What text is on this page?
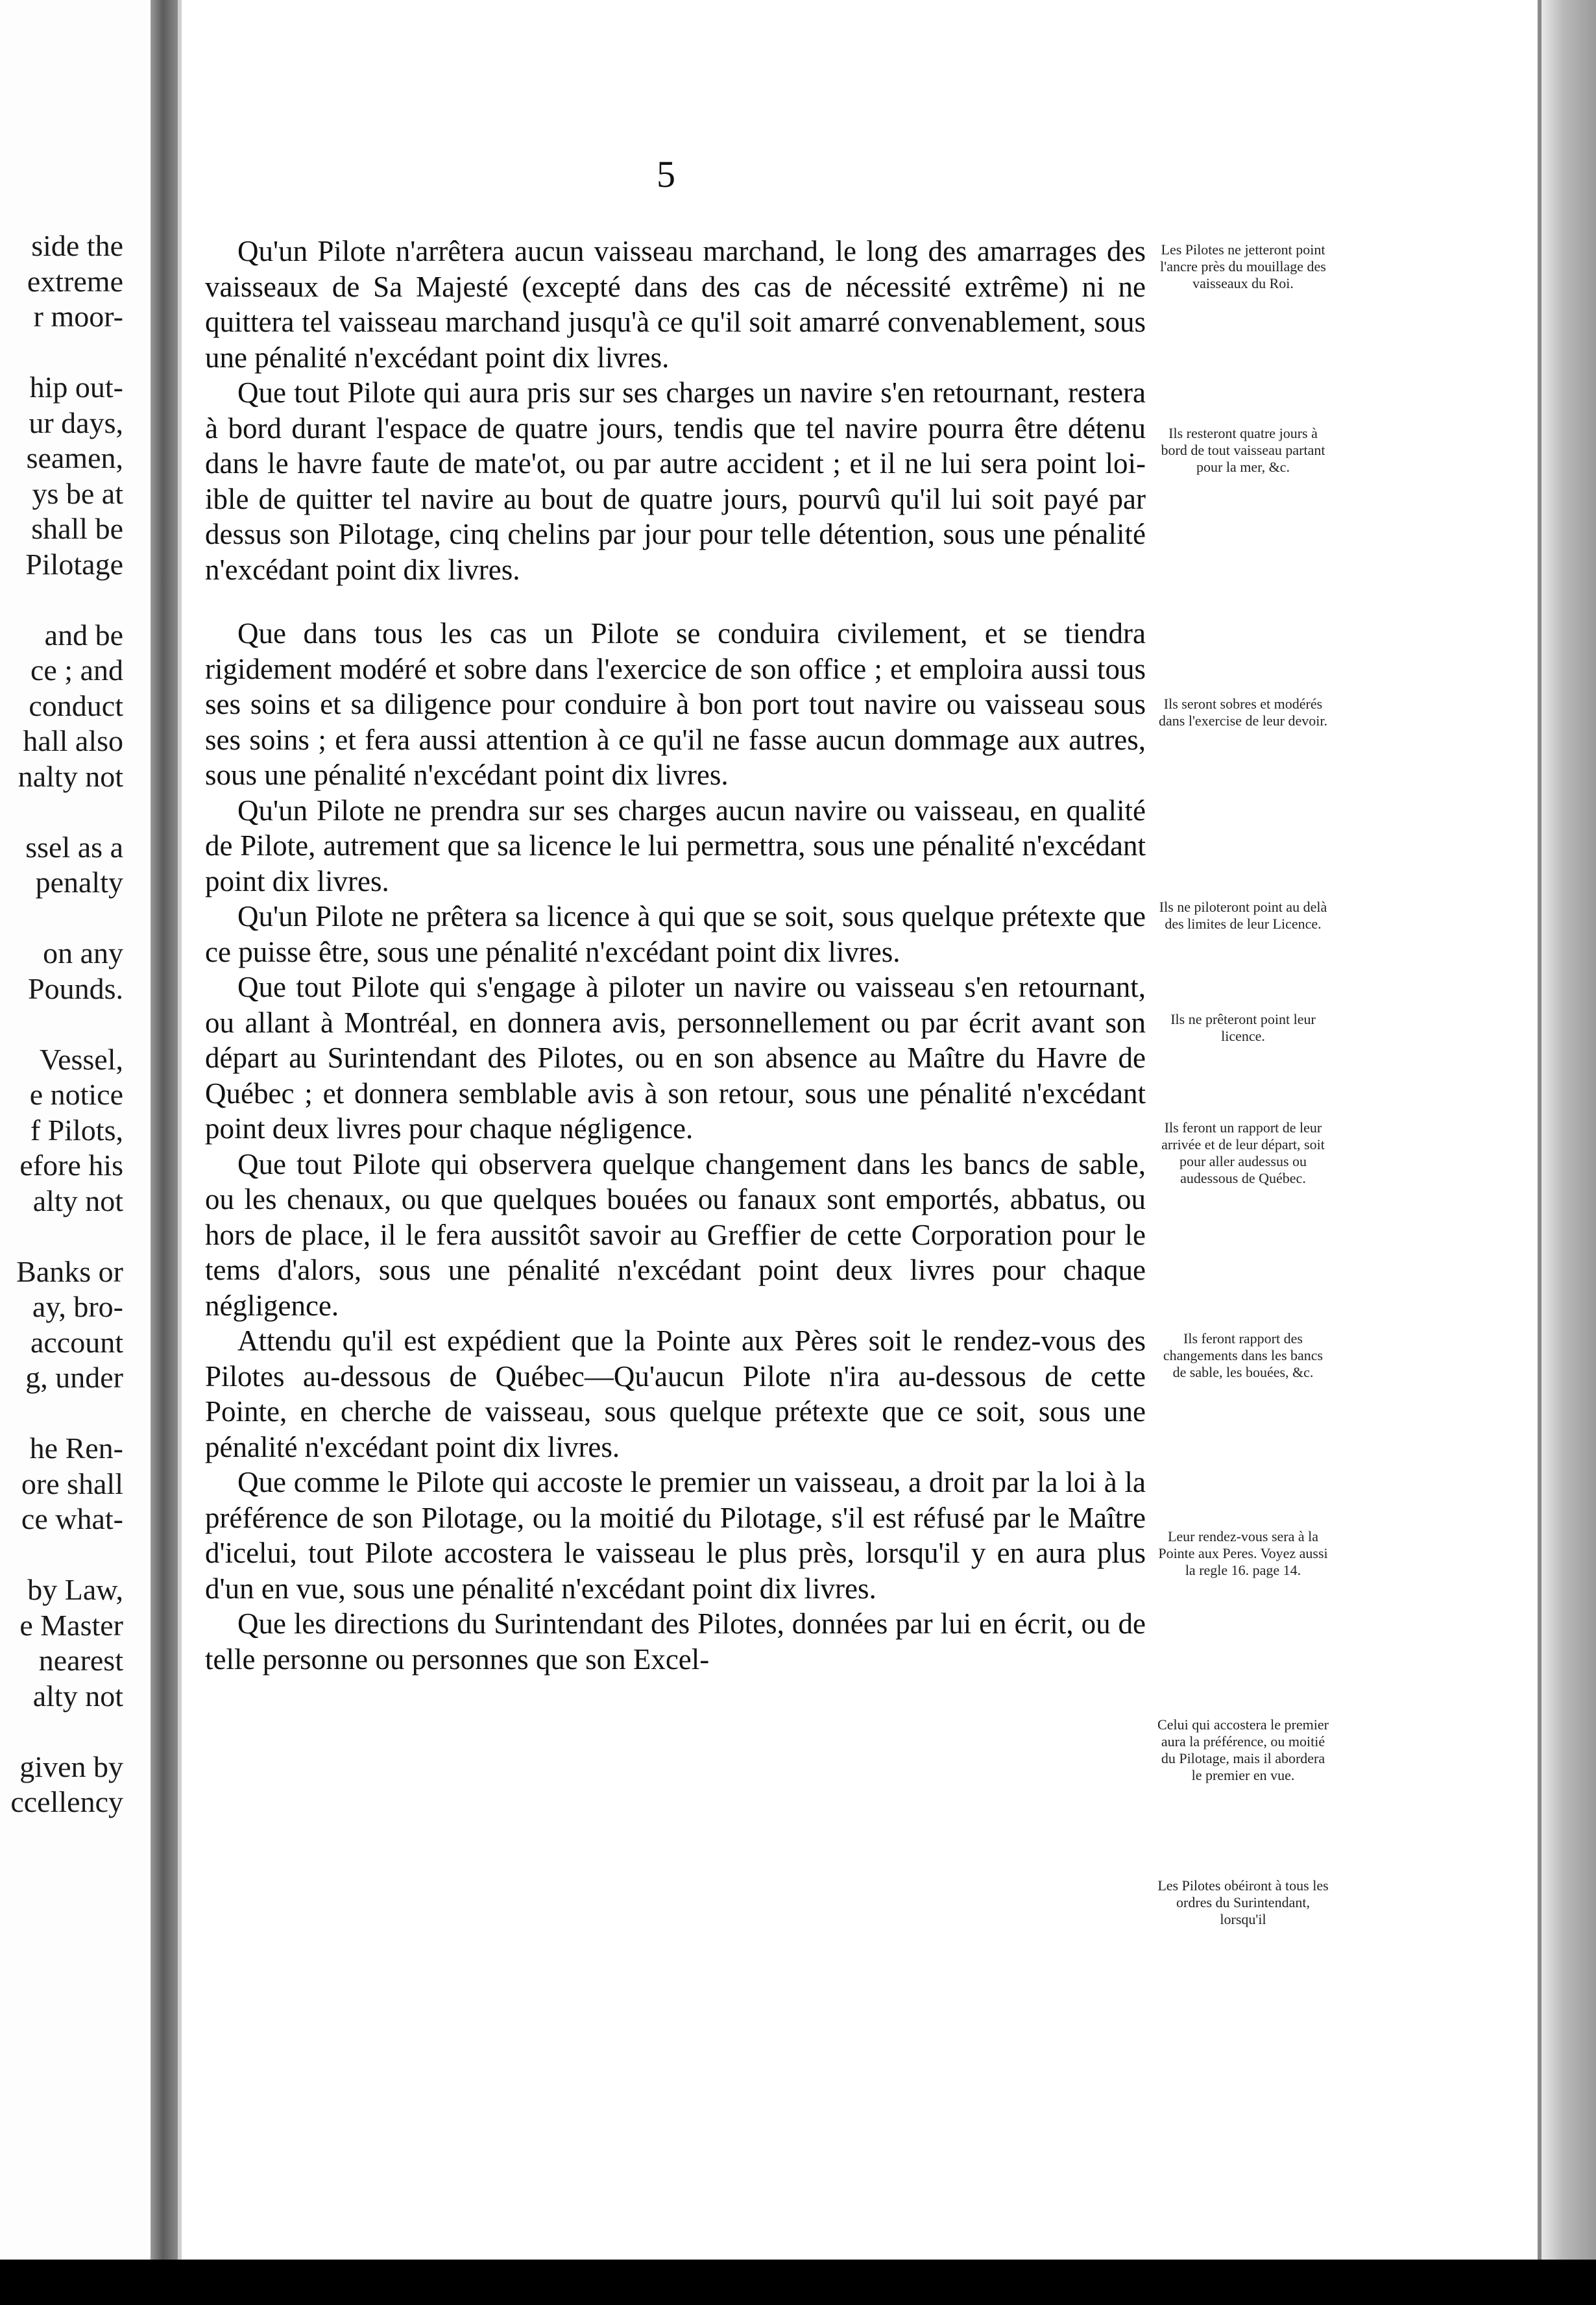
side the
extreme
r moor-
hip out-
ur days,
seamen,
ys be at
shall be
Pilotage
and be
ce ; and
conduct
hall also
nalty not
ssel as a
penalty
on any
Pounds.
Vessel,
e notice
f Pilots,
efore his
alty not
Banks or
ay, bro-
account
g, under
he Ren-
ore shall
ce what-
by Law,
e Master
nearest
alty not
given by
ccellency
5

Qu'un Pilote n'arrêtera aucun vaisseau marchand, le long des amarrages des vaisseaux de Sa Majesté (excepté dans des cas de nécessité extrême) ni ne quittera tel vaisseau marchand jusqu'à ce qu'il soit amarré convenablement, sous une pénalité n'excédant point dix livres.

Que tout Pilote qui aura pris sur ses charges un navire s'en retournant, restera à bord durant l'espace de quatre jours, tendis que tel navire pourra être détenu dans le havre faute de mate'ot, ou par autre accident ; et il ne lui sera point loi-ible de quitter tel navire au bout de quatre jours, pourvû qu'il lui soit payé par dessus son Pilotage, cinq chelins par jour pour telle détention, sous une pénalité n'excédant point dix livres.

Que dans tous les cas un Pilote se conduira civilement, et se tiendra rigidement modéré et sobre dans l'exercice de son office ; et emploira aussi tous ses soins et sa diligence pour conduire à bon port tout navire ou vaisseau sous ses soins ; et fera aussi attention à ce qu'il ne fasse aucun dommage aux autres, sous une pénalité n'excédant point dix livres.

Qu'un Pilote ne prendra sur ses charges aucun navire ou vaisseau, en qualité de Pilote, autrement que sa licence le lui permettra, sous une pénalité n'excédant point dix livres.

Qu'un Pilote ne prêtera sa licence à qui que se soit, sous quelque prétexte que ce puisse être, sous une pénalité n'excédant point dix livres.

Que tout Pilote qui s'engage à piloter un navire ou vaisseau s'en retournant, ou allant à Montréal, en donnera avis, personnellement ou par écrit avant son départ au Surintendant des Pilotes, ou en son absence au Maître du Havre de Québec ; et donnera semblable avis à son retour, sous une pénalité n'excédant point deux livres pour chaque négligence.

Que tout Pilote qui observera quelque changement dans les bancs de sable, ou les chenaux, ou que quelques bouées ou fanaux sont emportés, abbatus, ou hors de place, il le fera aussitôt savoir au Greffier de cette Corporation pour le tems d'alors, sous une pénalité n'excédant point deux livres pour chaque négligence.

Attendu qu'il est expédient que la Pointe aux Pères soit le rendez-vous des Pilotes au-dessous de Québec—Qu'aucun Pilote n'ira au-dessous de cette Pointe, en cherche de vaisseau, sous quelque prétexte que ce soit, sous une pénalité n'excédant point dix livres.

Que comme le Pilote qui accoste le premier un vaisseau, a droit par la loi à la préférence de son Pilotage, ou la moitié du Pilotage, s'il est réfusé par le Maître d'icelui, tout Pilote accostera le vaisseau le plus près, lorsqu'il y en aura plus d'un en vue, sous une pénalité n'excédant point dix livres.

Que les directions du Surintendant des Pilotes, données par lui en écrit, ou de telle personne ou personnes que son Excel-

Les Pilotes ne jetteront point l'ancre près du mouillage des vaisseaux du Roi.
Ils resteront quatre jours à bord de tout vaisseau partant pour la mer, &c.
Ils seront sobres et modérés dans l'exercise de leur devoir.
Ils ne piloteront point au delà des limites de leur Licence.
Ils ne prêteront point leur licence.
Ils feront un rapport de leur arrivée et de leur départ, soit pour aller audessus ou audessous de Québec.
Ils feront rapport des changements dans les bancs de sable, les bouées, &c.
Leur rendez-vous sera à la Pointe aux Peres. Voyez aussi la regle 16. page 14.
Celui qui accostera le premier aura la préférence, ou moitié du Pilotage, mais il abordera le premier en vue.
Les Pilotes obéiront à tous les ordres du Surintendant, lorsqu'il
